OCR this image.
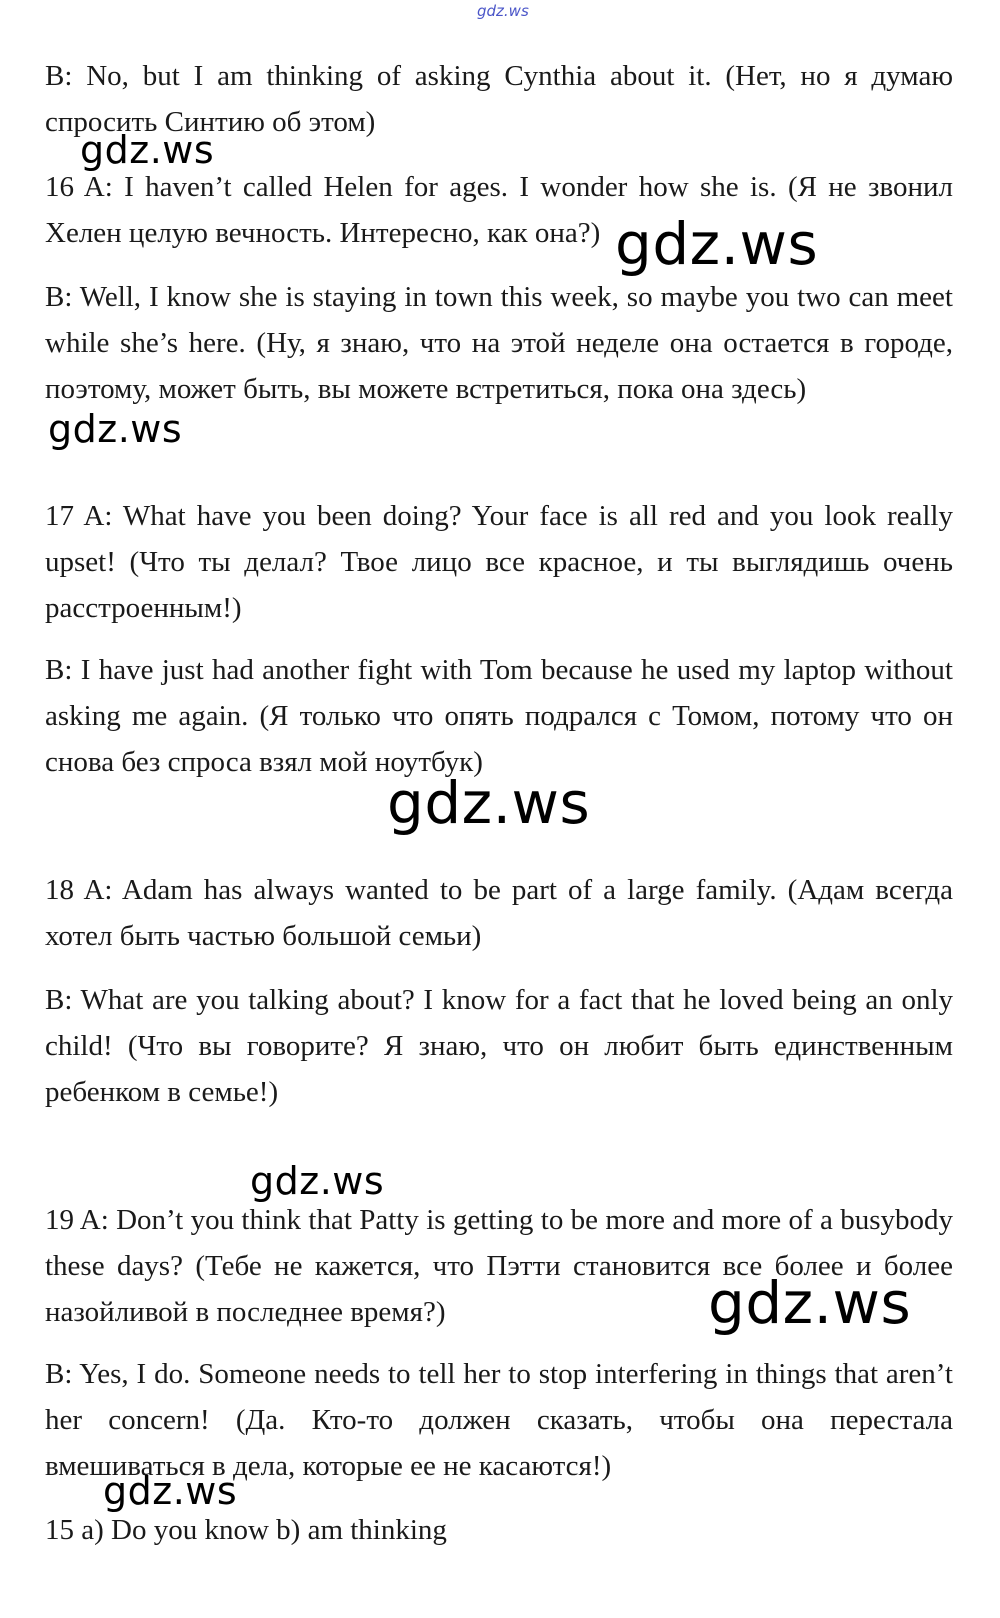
gdz.ws

B: No, but I am thinking of asking Cynthia about it. (Нет, но я думаю спросить Синтию об этом)

gdz.ws

16 A: I haven’t called Helen for ages. I wonder how she is. (Я не звонил Хелен целую вечность. Интересно, как она?) gdz.ws

B: Well, I know she is staying in town this week, so maybe you two can meet while she’s here. (Ну, я знаю, что на этой неделе она остается в городе, поэтому, может быть, вы можете встретиться, пока она здесь)

gdz.ws

17 A: What have you been doing? Your face is all red and you look really upset! (Что ты делал? Твое лицо все красное, и ты выглядишь очень расстроенным!)

B: I have just had another fight with Tom because he used my laptop without asking me again. (Я только что опять подрался с Томом, потому что он снова без спроса взял мой ноутбук)

gdz.ws

18 A: Adam has always wanted to be part of a large family. (Адам всегда хотел быть частью большой семьи)

B: What are you talking about? I know for a fact that he loved being an only child! (Что вы говорите? Я знаю, что он любит быть единственным ребенком в семье!)

gdz.ws

19 A: Don’t you think that Patty is getting to be more and more of a busybody these days? (Тебе не кажется, что Пэтти становится все более и более назойливой в последнее время?)	gdz.ws

B: Yes, I do. Someone needs to tell her to stop interfering in things that aren’t her concern! (Да. Кто-то должен сказать, чтобы она перестала вмешиваться в дела, которые ее не касаются!)

gdz.ws

15 a) Do you know b) am thinking
